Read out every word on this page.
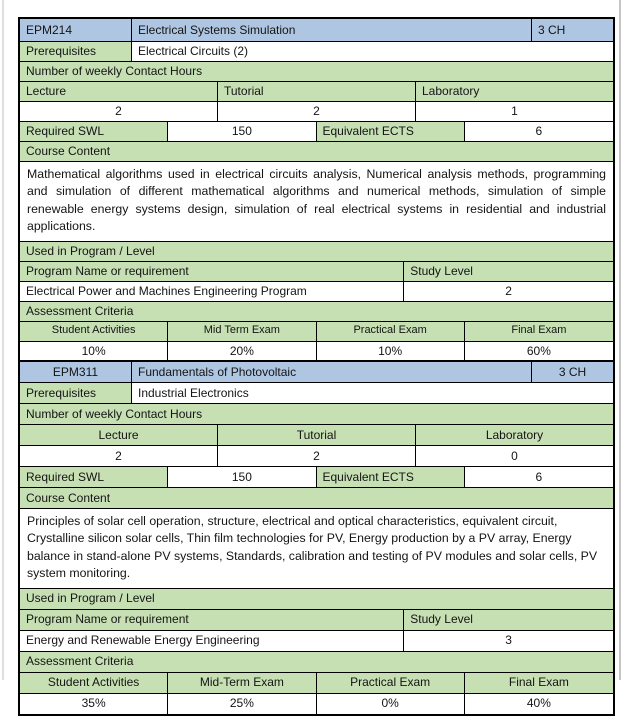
EPM214	Electrical Systems Simulation	3 CH
Prerequisites	Electrical Circuits (2)
Number of weekly Contact Hours
Lecture	Tutorial	Laboratory
2	2	1
Required SWL	150	Equivalent ECTS	6
Course Content
Mathematical algorithms used in electrical circuits analysis, Numerical analysis methods, programming and simulation of different mathematical algorithms and numerical methods, simulation of simple renewable energy systems design, simulation of real electrical systems in residential and industrial applications.
Used in Program / Level
Program Name or requirement	Study Level
Electrical Power and Machines Engineering Program	2
Assessment Criteria
Student Activities	Mid Term Exam	Practical Exam	Final Exam
10%	20%	10%	60%
EPM311	Fundamentals of Photovoltaic	3 CH
Prerequisites	Industrial Electronics
Number of weekly Contact Hours
Lecture	Tutorial	Laboratory
2	2	0
Required SWL	150	Equivalent ECTS	6
Course Content
Principles of solar cell operation, structure, electrical and optical characteristics, equivalent circuit, Crystalline silicon solar cells, Thin film technologies for PV, Energy production by a PV array, Energy balance in stand-alone PV systems, Standards, calibration and testing of PV modules and solar cells, PV system monitoring.
Used in Program / Level
Program Name or requirement	Study Level
Energy and Renewable Energy Engineering	3
Assessment Criteria
Student Activities	Mid-Term Exam	Practical Exam	Final Exam
35%	25%	0%	40%
